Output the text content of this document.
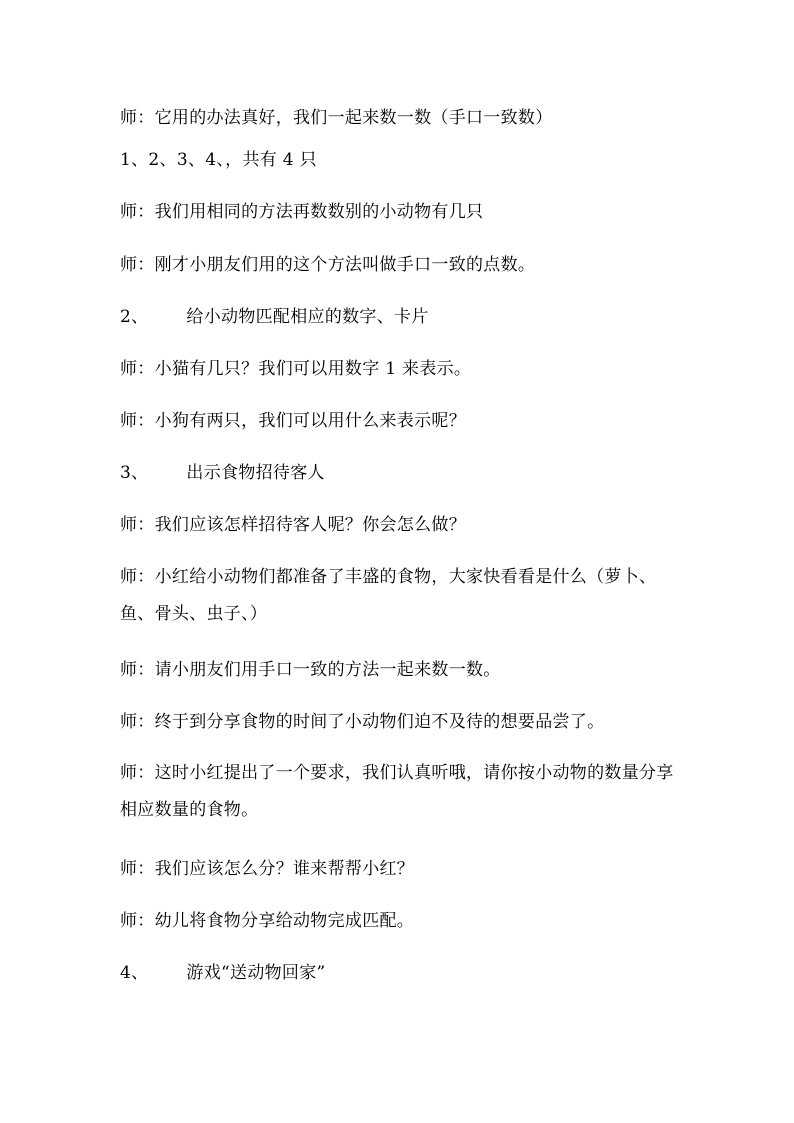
师：它用的办法真好，我们一起来数一数（手口一致数）
1、2、3、4、，共有 4 只
师：我们用相同的方法再数数别的小动物有几只
师：刚才小朋友们用的这个方法叫做手口一致的点数。
2、 给小动物匹配相应的数字、卡片
师：小猫有几只？我们可以用数字 1 来表示。
师：小狗有两只，我们可以用什么来表示呢？
3、 出示食物招待客人
师：我们应该怎样招待客人呢？你会怎么做？
师：小红给小动物们都准备了丰盛的食物，大家快看看是什么（萝卜、鱼、骨头、虫子、）
师：请小朋友们用手口一致的方法一起来数一数。
师：终于到分享食物的时间了小动物们迫不及待的想要品尝了。
师：这时小红提出了一个要求，我们认真听哦，请你按小动物的数量分享相应数量的食物。
师：我们应该怎么分？谁来帮帮小红？
师：幼儿将食物分享给动物完成匹配。
4、 游戏“送动物回家”
